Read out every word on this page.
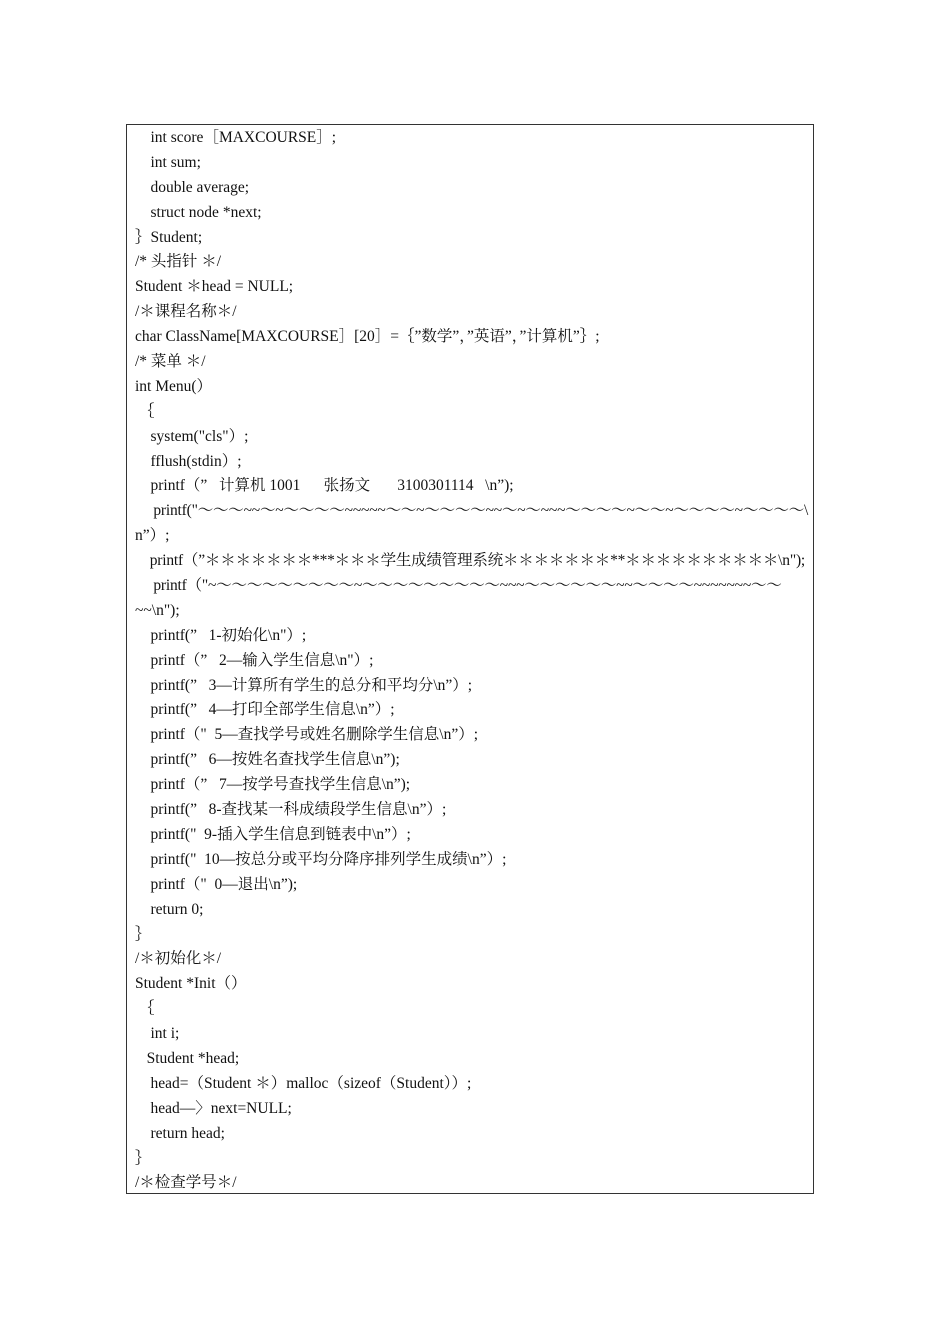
int score［MAXCOURSE］;
int sum;
double average;
struct node *next;
｝Student;
/* 头指针 ＊/
Student ＊head = NULL;
/＊课程名称＊/
char ClassName[MAXCOURSE］[20］=｛”数学”，”英语”，”计算机”｝;
/* 菜单 ＊/
int Menu(）
｛
system("cls"）;
fflush(stdin）;
printf（”   计算机 1001      张扬文       3100301114   \n”);
printf("～～～~~～~～～～～~~~~~～～~～～～～~~～~～~~~～～～～~～～~～～～～~～～～～\
n”）;
printf（”＊＊＊＊＊＊＊***＊＊＊学生成绩管理系统＊＊＊＊＊＊＊**＊＊＊＊＊＊＊＊＊＊\n");
printf（"~～～～～～～～～～~～～～～～～～～～~~~～～～～～～~~～～～～~~~~~~~～～
~~\n");
printf(”   1-初始化\n"）;
printf（”   2—输入学生信息\n"）;
printf(”   3—计算所有学生的总分和平均分\n”）;
printf(”   4—打印全部学生信息\n”）;
printf（"  5—查找学号或姓名删除学生信息\n”）;
printf(”   6—按姓名查找学生信息\n”);
printf（”   7—按学号查找学生信息\n”);
printf(”   8-查找某一科成绩段学生信息\n”）;
printf("  9-插入学生信息到链表中\n”）;
printf("  10—按总分或平均分降序排列学生成绩\n”）;
printf（"  0—退出\n”);
return 0;
｝
/＊初始化＊/
Student *Init（）
｛
int i;
Student *head;
head=（Student ＊）malloc（sizeof（Student））;
head—〉next=NULL;
return head;
｝
/＊检查学号＊/
